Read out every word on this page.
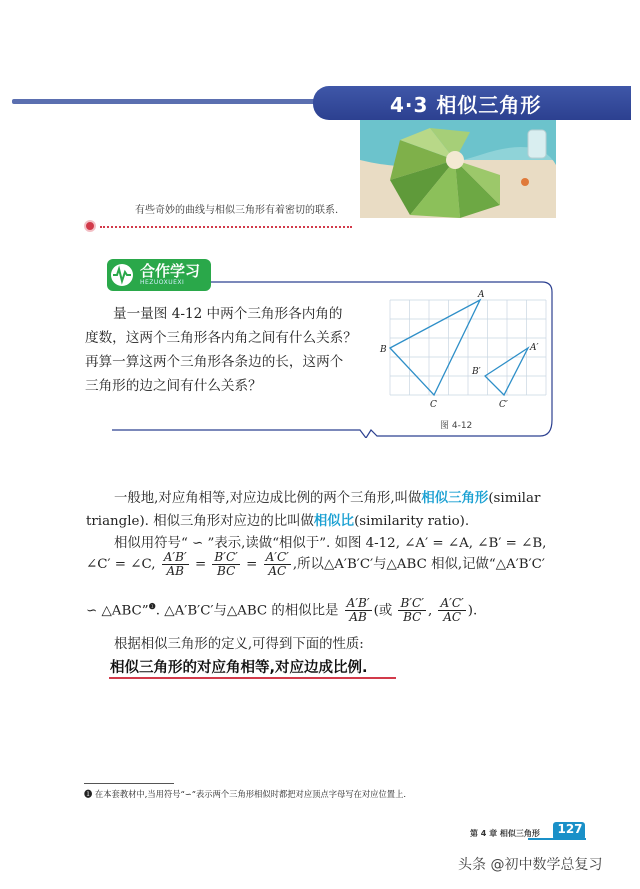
4·3 相似三角形
有些奇妙的曲线与相似三角形有着密切的联系.
合作学习
HEZUOXUEXI

量一量图 4-12 中两个三角形各内角的

度数，这两个三角形各内角之间有什么关系？

再算一算这两个三角形各条边的长，这两个

三角形的边之间有什么关系？

A
B
C
A′
B′
C′
图 4-12

一般地,对应角相等,对应边成比例的两个三角形,叫做相似三角形(similar

triangle). 相似三角形对应边的比叫做相似比(similarity ratio).

相似用符号“ ∽ ”表示,读做“相似于”. 如图 4-12, ∠A′ = ∠A, ∠B′ = ∠B,

∠C′ = ∠C, $\frac{A'B'}{AB} = \frac{B'C'}{BC} = \frac{A'C'}{AC}$ ,所以△A′B′C′与△ABC 相似,记做“△A′B′C′

∽ △ABC”$^❶$. △A′B′C′与△ABC 的相似比是 $\frac{A'B'}{AB}$ (或 $\frac{B'C'}{BC}$ , $\frac{A'C'}{AC}$ ).

根据相似三角形的定义,可得到下面的性质:

相似三角形的对应角相等,对应边成比例.
❶ 在本套教材中,当用符号“∽”表示两个三角形相似时都把对应顶点字母写在对应位置上.
第 4 章 相似三角形 127
头条 @初中数学总复习
